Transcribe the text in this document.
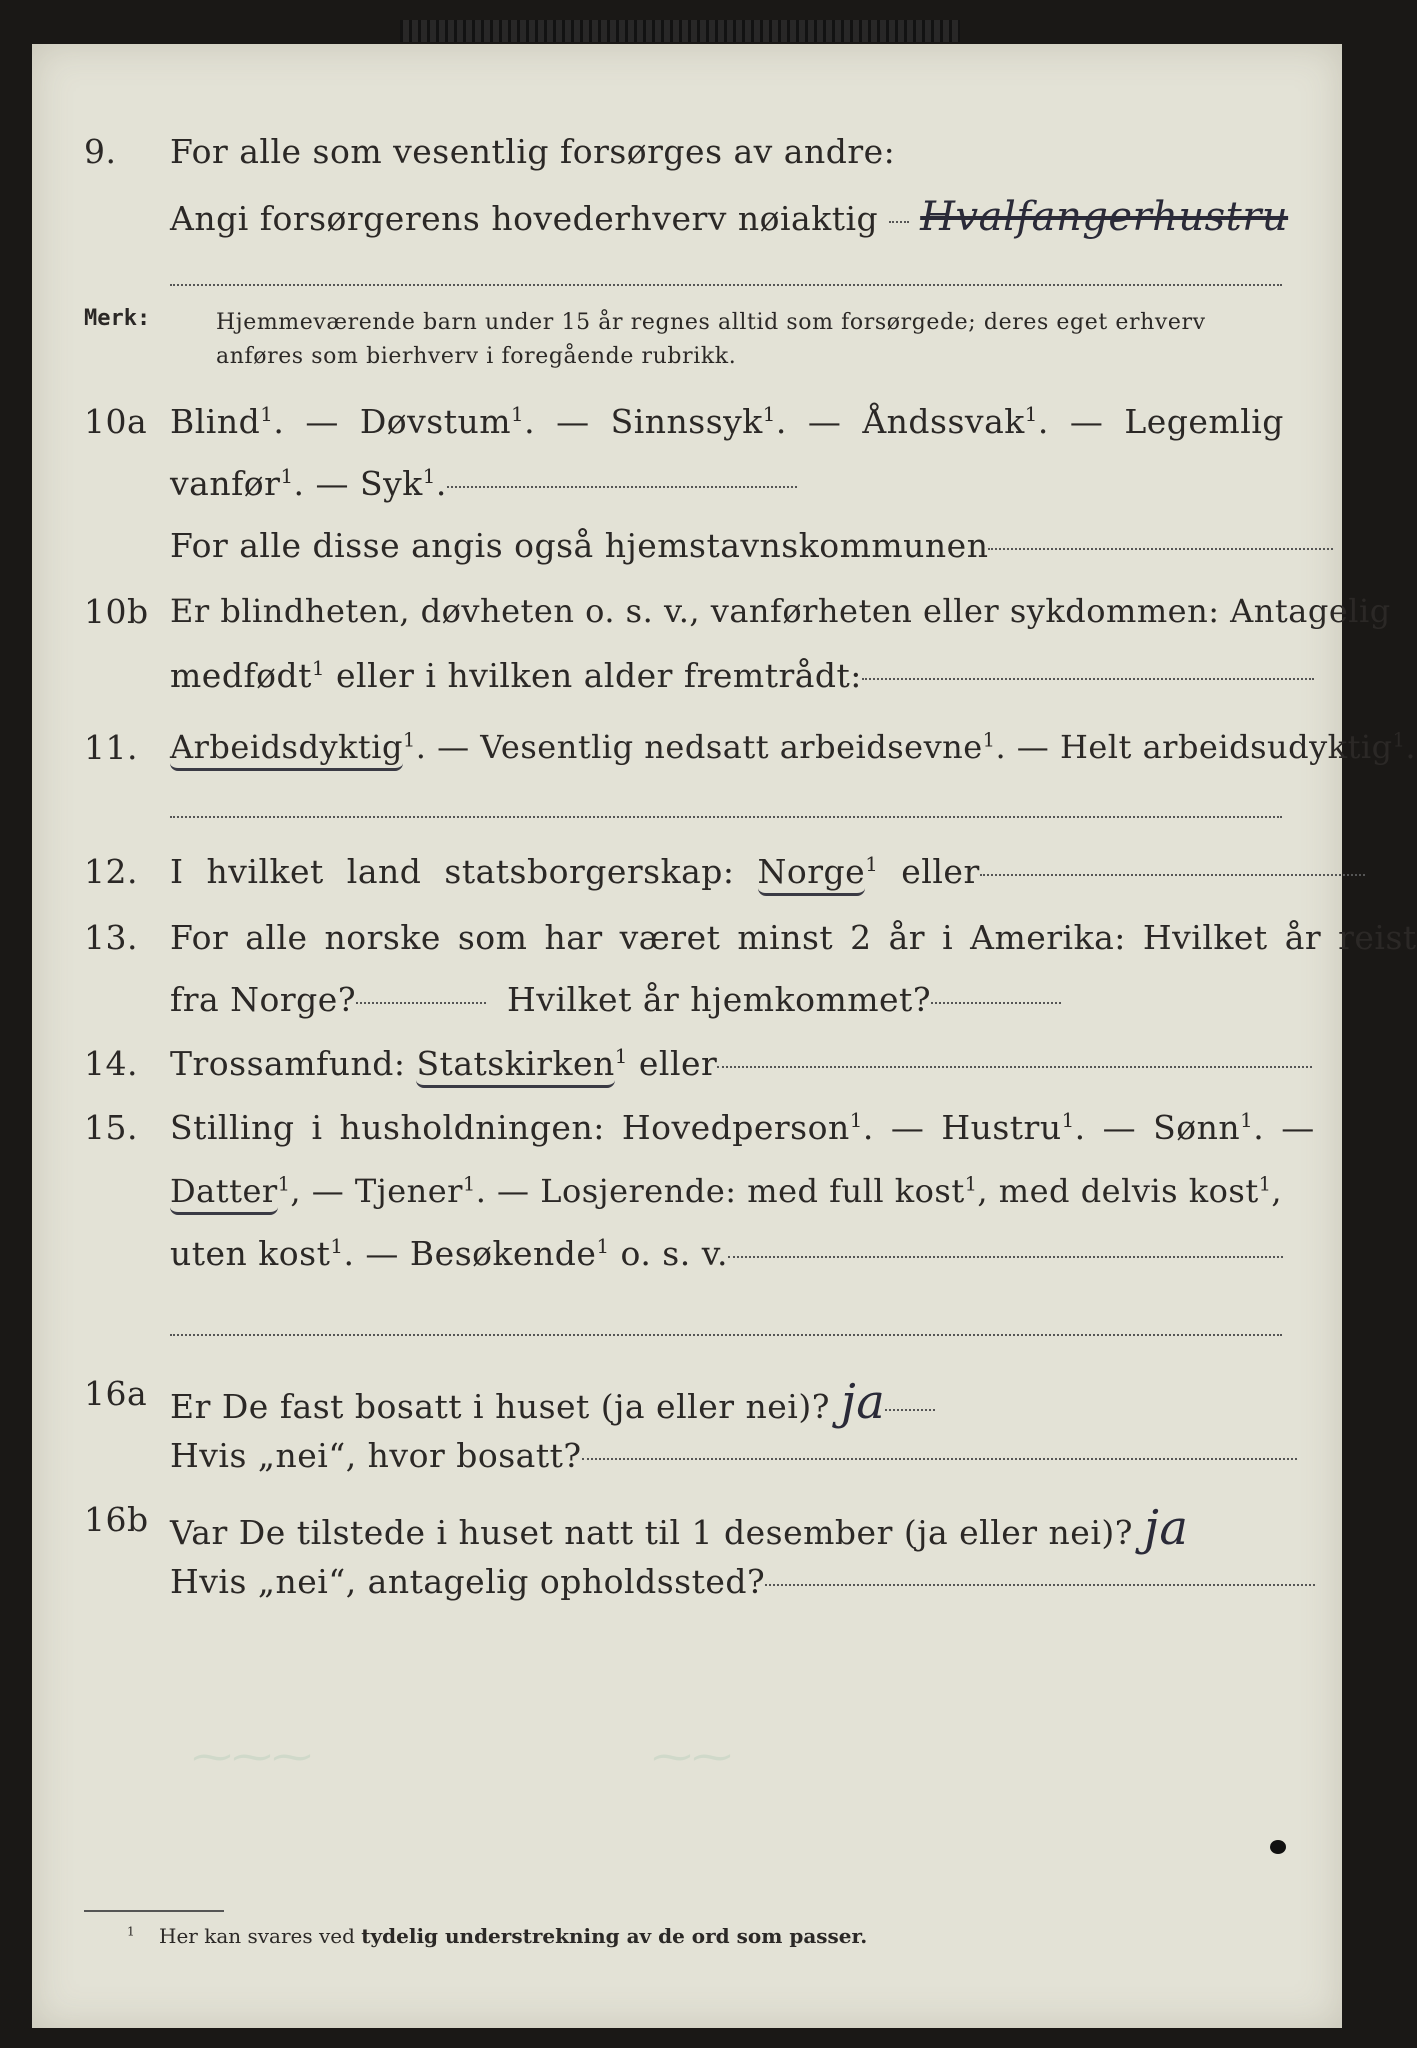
9. For alle som vesentlig forsørges av andre:
Angi forsørgerens hovederhverv nøiaktig Hvalfangerhustru
Merk:	Hjemmeværende barn under 15 år regnes alltid som forsørgede; deres eget erhverv
anføres som bierhverv i foregående rubrikk.
10a Blind$^1$. — Døvstum$^1$. — Sinnssyk$^1$. — Åndssvak$^1$. — Legemlig
vanfør$^1$. — Syk$^1$.
For alle disse angis også hjemstavnskommunen
10b Er blindheten, døvheten o. s. v., vanførheten eller sykdommen: Antagelig
medfødt$^1$ eller i hvilken alder fremtrådt:
11. Arbeidsdyktig$^1$. — Vesentlig nedsatt arbeidsevne$^1$. — Helt arbeidsudyktig$^1$.
12. I hvilket land statsborgerskap: Norge$^1$ eller
13. For alle norske som har været minst 2 år i Amerika: Hvilket år reist
fra Norge?	Hvilket år hjemkommet?
14. Trossamfund: Statskirken$^1$ eller
15. Stilling i husholdningen: Hovedperson$^1$. — Hustru$^1$. — Sønn$^1$. —
Datter$^1$, — Tjener$^1$. — Losjerende: med full kost$^1$, med delvis kost$^1$,
uten kost$^1$. — Besøkende$^1$ o. s. v.
16a Er De fast bosatt i huset (ja eller nei)? ja
Hvis „nei“, hvor bosatt?
16b Var De tilstede i huset natt til 1 desember (ja eller nei)? ja
Hvis „nei“, antagelig opholdssted?
⁓⁓⁓	⁓⁓
$^1$ Her kan svares ved tydelig understrekning av de ord som passer.
